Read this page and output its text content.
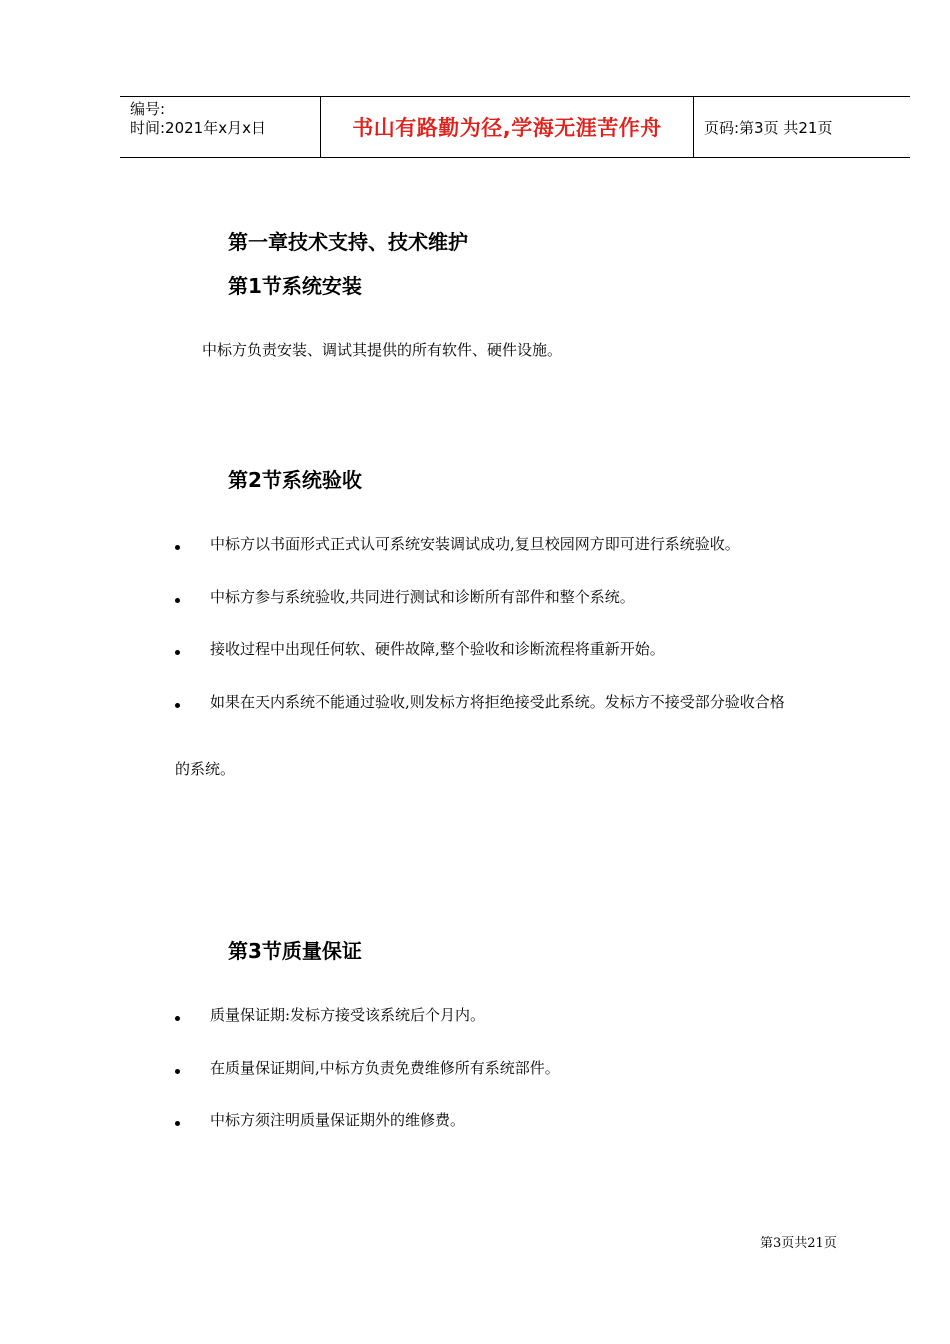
编号:
时间:2021年x月x日	书山有路勤为径,学海无涯苦作舟	页码:第3页 共21页
第一章技术支持、技术维护
第1节系统安装
中标方负责安装、调试其提供的所有软件、硬件设施。
第2节系统验收
中标方以书面形式正式认可系统安装调试成功,复旦校园网方即可进行系统验收。
中标方参与系统验收,共同进行测试和诊断所有部件和整个系统。
接收过程中出现任何软、硬件故障,整个验收和诊断流程将重新开始。
如果在天内系统不能通过验收,则发标方将拒绝接受此系统。发标方不接受部分验收合格
的系统。
第3节质量保证
质量保证期:发标方接受该系统后个月内。
在质量保证期间,中标方负责免费维修所有系统部件。
中标方须注明质量保证期外的维修费。
第3页共21页
